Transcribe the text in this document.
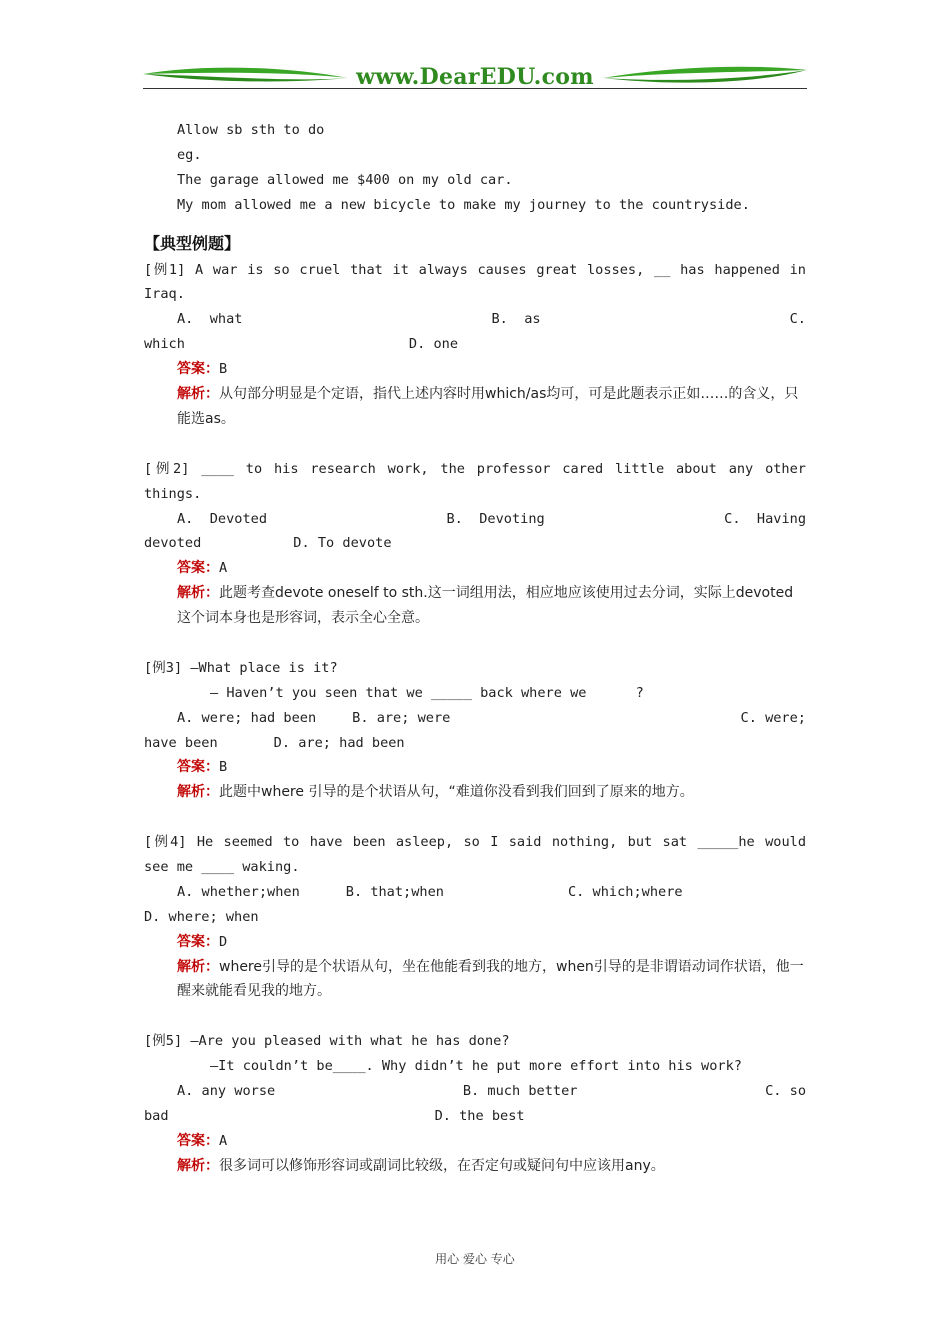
www.DearEDU.com
Allow sb sth to do
eg.
The garage allowed me $400 on my old car.
My mom allowed me a new bicycle to make my journey to the countryside.
【典型例题】
[例1] A war is so cruel that it always causes great losses, __ has happened in
Iraq.
A.  what	B.  as	C.
which	D. one
答案：B
解析：从句部分明显是个定语，指代上述内容时用which/as均可，可是此题表示正如……的含义，只能选as。
[例2] ____ to his research work, the professor cared little about any other
things.
A.  Devoted	B.  Devoting	C.  Having
devoted	D. To devote
答案：A
解析：此题考查devote oneself to sth.这一词组用法，相应地应该使用过去分词，实际上devoted这个词本身也是形容词，表示全心全意。
[例3] —What place is it?
— Haven’t you seen that we _____ back where we      ?
A. were; had been	B. are; were	C. were;
have been	D. are; had been
答案：B
解析：此题中where 引导的是个状语从句，“难道你没看到我们回到了原来的地方。
[例4] He seemed to have been asleep, so I said nothing, but sat _____he would
see me ____ waking.
A. whether;when	B. that;when	C. which;where
D. where; when
答案：D
解析：where引导的是个状语从句，坐在他能看到我的地方，when引导的是非谓语动词作状语，他一醒来就能看见我的地方。
[例5] —Are you pleased with what he has done?
—It couldn’t be____. Why didn’t he put more effort into his work?
A. any worse	B. much better	C. so
bad	D. the best
答案：A
解析：很多词可以修饰形容词或副词比较级，在否定句或疑问句中应该用any。
用心 爱心 专心
